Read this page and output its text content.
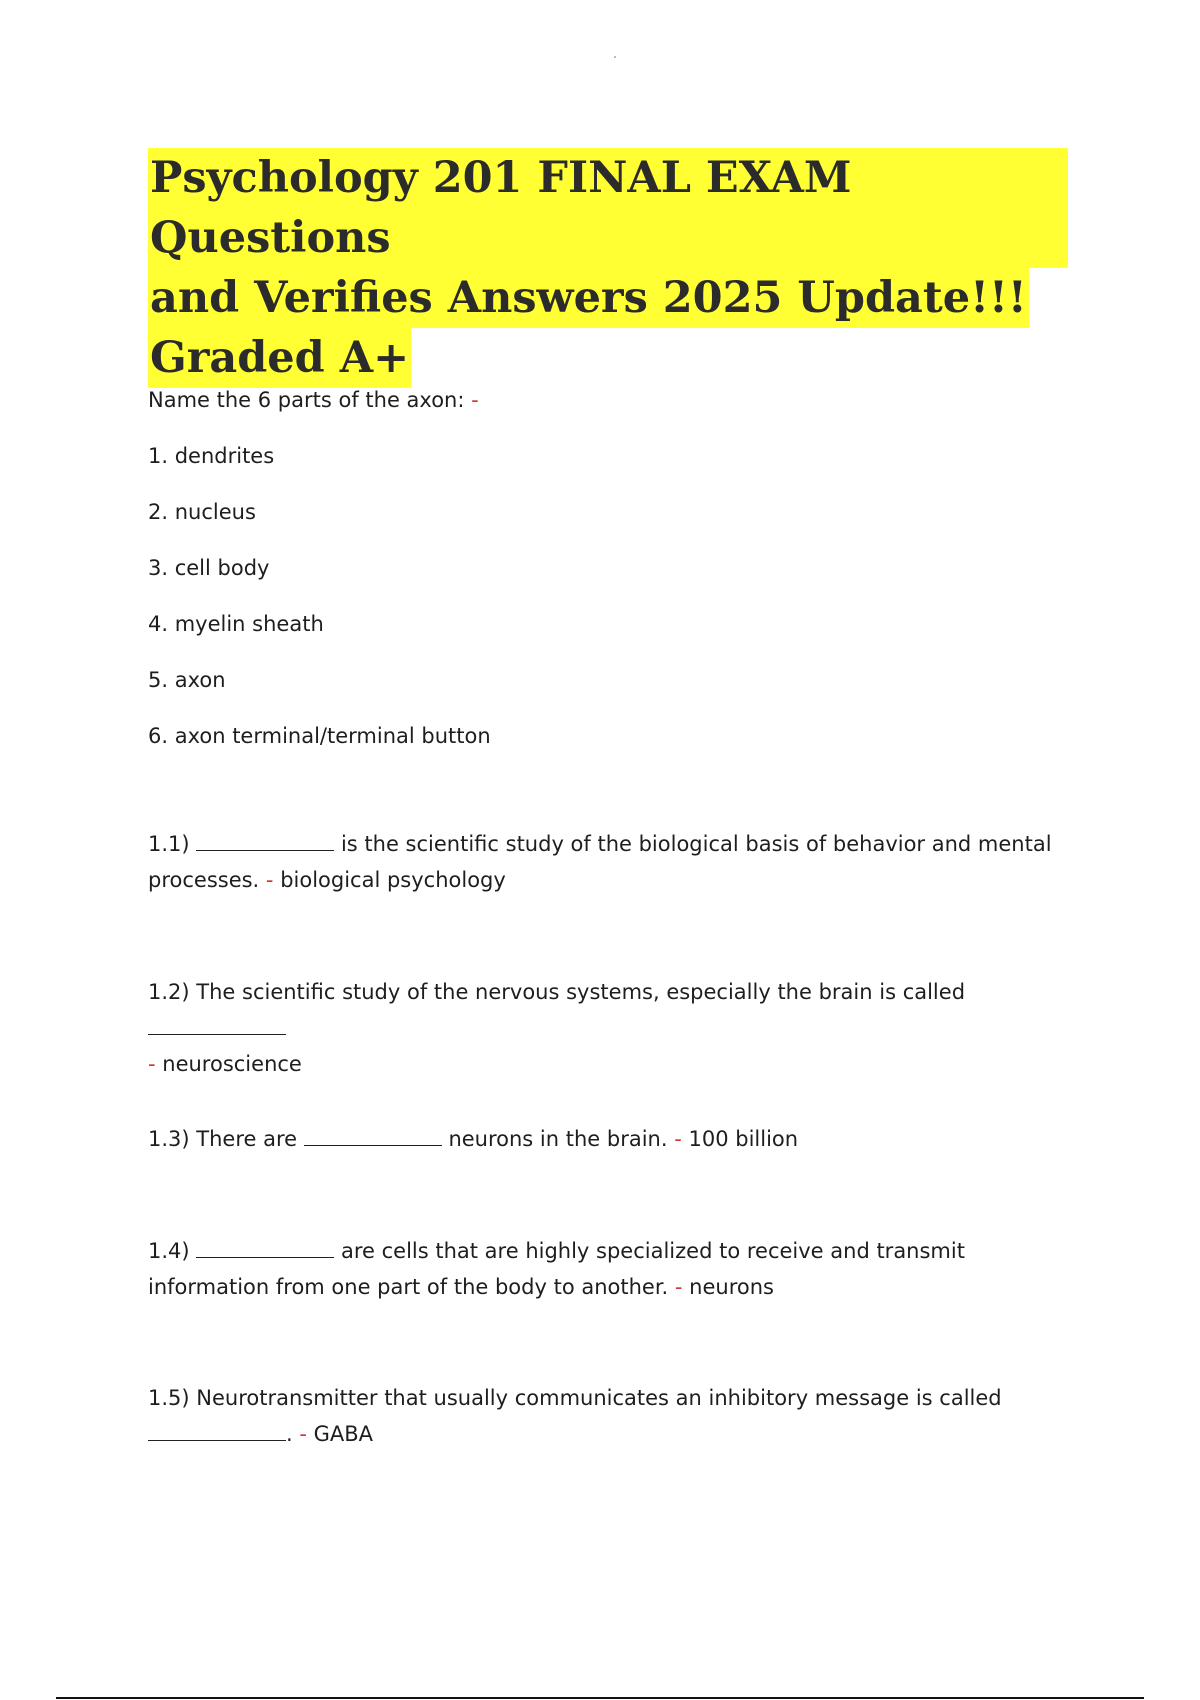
Psychology 201 FINAL EXAM Questions
and Verifies Answers 2025 Update!!!
Graded A+
Name the 6 parts of the axon: -
1. dendrites
2. nucleus
3. cell body
4. myelin sheath
5. axon
6. axon terminal/terminal button
1.1)	is the scientific study of the biological basis of behavior and mental processes. - biological psychology
1.2) The scientific study of the nervous systems, especially the brain is called
- neuroscience
1.3) There are	neurons in the brain. - 100 billion
1.4)	are cells that are highly specialized to receive and transmit information from one part of the body to another. - neurons
1.5) Neurotransmitter that usually communicates an inhibitory message is called
. - GABA
